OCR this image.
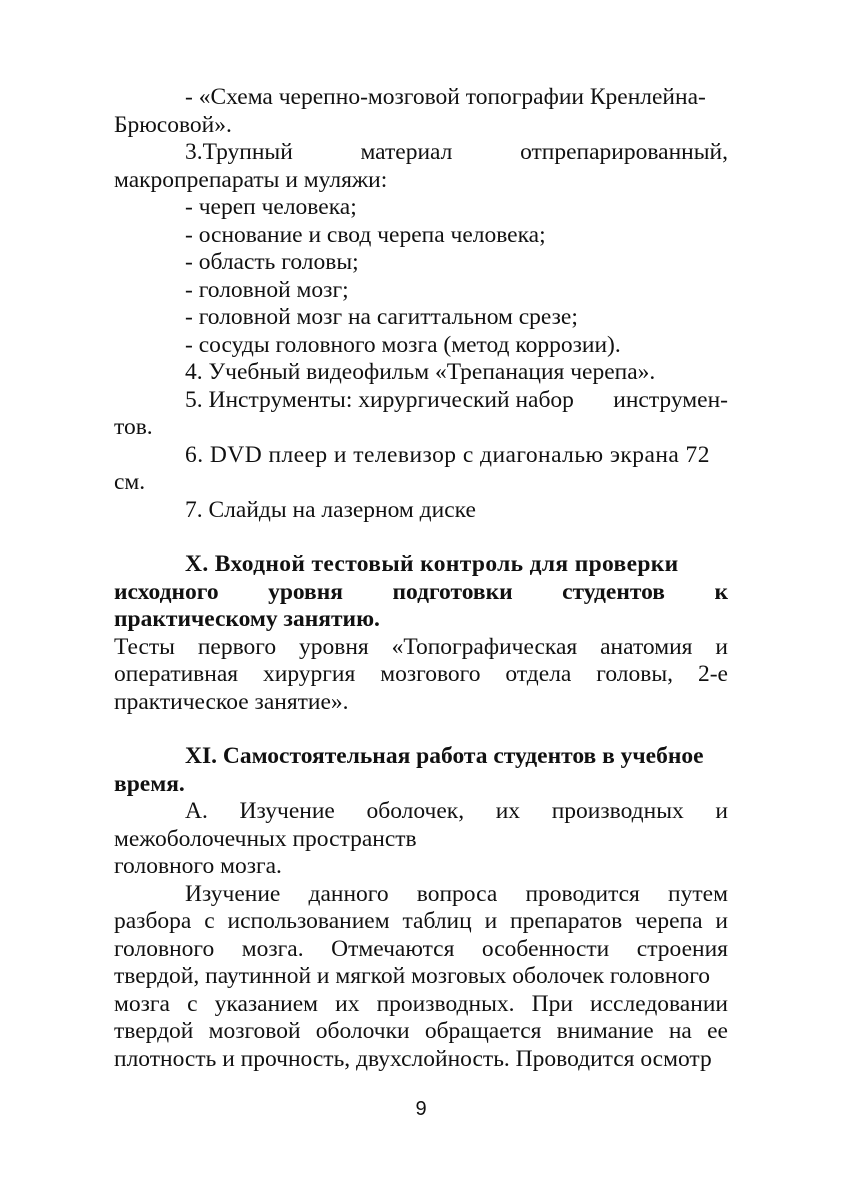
- «Схема черепно-мозговой топографии Кренлейна-
Брюсовой».
3.Трупный	материал	отпрепарированный,
макропрепараты и муляжи:
- череп человека;
- основание и свод черепа человека;
- область головы;
- головной мозг;
- головной мозг на сагиттальном срезе;
- сосуды головного мозга (метод коррозии).
4. Учебный видеофильм «Трепанация черепа».
5. Инструменты: хирургический набор инструмен-
тов.
6. DVD плеер и телевизор с диагональю экрана 72
см.
7. Слайды на лазерном диске
X. Входной тестовый контроль для проверки
исходного уровня подготовки студентов к
практическому занятию.
Тесты первого уровня «Топографическая анатомия и
оперативная хирургия мозгового отдела головы, 2-е
практическое занятие».
XI. Самостоятельная работа студентов в учебное
время.
А. Изучение оболочек, их производных и
межоболочечных пространств
головного мозга.
Изучение данного вопроса проводится путем
разбора с использованием таблиц и препаратов черепа и
головного мозга. Отмечаются особенности строения
твердой, паутинной и мягкой мозговых оболочек головного
мозга с указанием их производных. При исследовании
твердой мозговой оболочки обращается внимание на ее
плотность и прочность, двухслойность. Проводится осмотр
9
